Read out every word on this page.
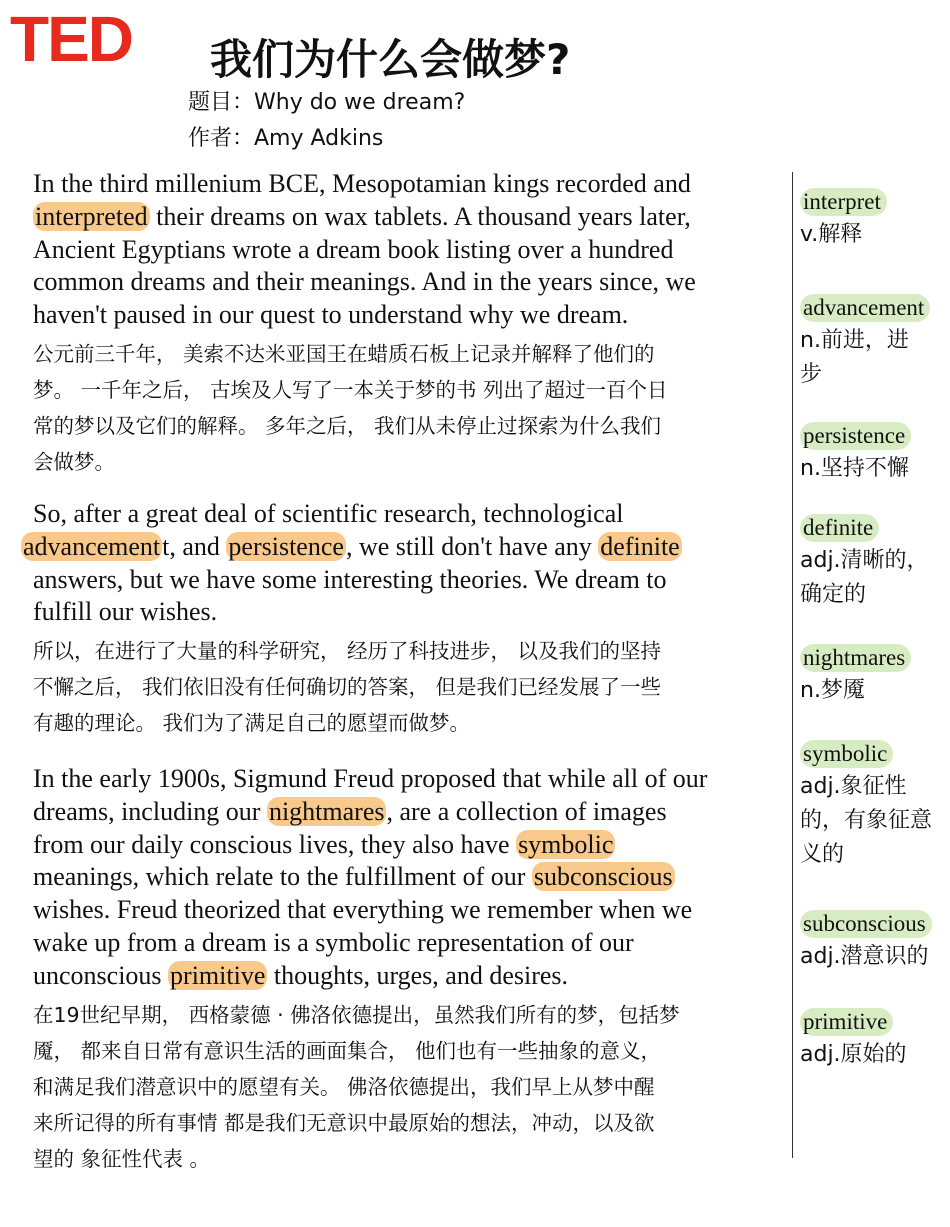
TED 我们为什么会做梦?
题目：Why do we dream?
作者：Amy Adkins

In the third millenium BCE, Mesopotamian kings recorded and

interpreted their dreams on wax tablets. A thousand years later,

Ancient Egyptians wrote a dream book listing over a hundred

common dreams and their meanings. And in the years since, we

haven't paused in our quest to understand why we dream.

公元前三千年， 美索不达米亚国王在蜡质石板上记录并解释了他们的

梦。 一千年之后， 古埃及人写了一本关于梦的书 列出了超过一百个日

常的梦以及它们的解释。 多年之后， 我们从未停止过探索为什么我们

会做梦。

So, after a great deal of scientific research, technological

advancementt, and persistence, we still don't have any definite

answers, but we have some interesting theories. We dream to

fulfill our wishes.

所以，在进行了大量的科学研究， 经历了科技进步， 以及我们的坚持

不懈之后， 我们依旧没有任何确切的答案， 但是我们已经发展了一些

有趣的理论。 我们为了满足自己的愿望而做梦。

In the early 1900s, Sigmund Freud proposed that while all of our

dreams, including our nightmares, are a collection of images

from our daily conscious lives, they also have symbolic

meanings, which relate to the fulfillment of our subconscious

wishes. Freud theorized that everything we remember when we

wake up from a dream is a symbolic representation of our

unconscious primitive thoughts, urges, and desires.

在19世纪早期， 西格蒙德 · 佛洛依德提出，虽然我们所有的梦，包括梦

魇， 都来自日常有意识生活的画面集合， 他们也有一些抽象的意义，

和满足我们潜意识中的愿望有关。 佛洛依德提出，我们早上从梦中醒

来所记得的所有事情 都是我们无意识中最原始的想法，冲动，以及欲

望的 象征性代表 。

interpret
v.解释
advancement
n.前进，进步
persistence
n.坚持不懈
definite
adj.清晰的，确定的
nightmares
n.梦魇
symbolic
adj.象征性的，有象征意义的
subconscious
adj.潜意识的
primitive
adj.原始的
